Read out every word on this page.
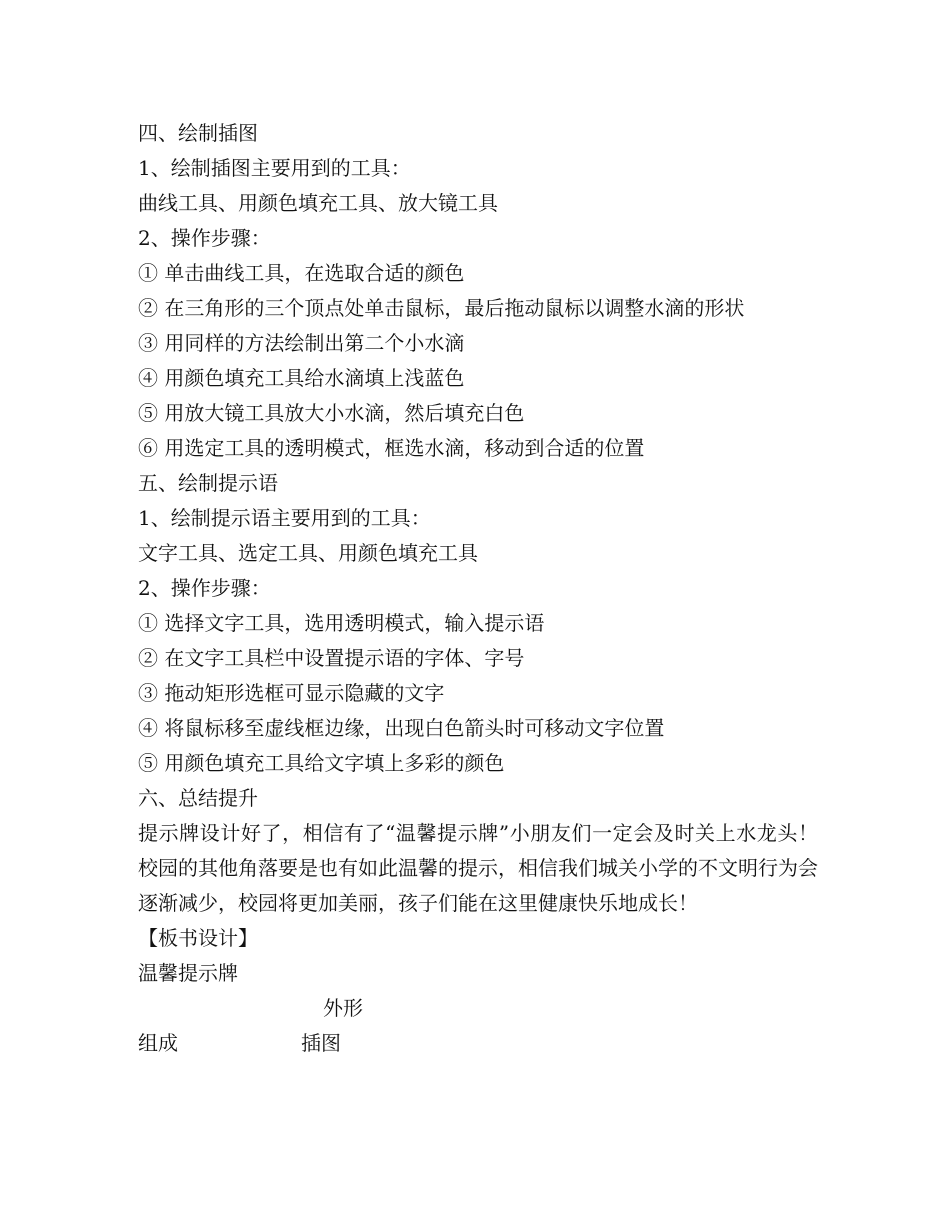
四、绘制插图
1、绘制插图主要用到的工具：
曲线工具、用颜色填充工具、放大镜工具
2、操作步骤：
① 单击曲线工具，在选取合适的颜色
② 在三角形的三个顶点处单击鼠标，最后拖动鼠标以调整水滴的形状
③ 用同样的方法绘制出第二个小水滴
④ 用颜色填充工具给水滴填上浅蓝色
⑤ 用放大镜工具放大小水滴，然后填充白色
⑥ 用选定工具的透明模式，框选水滴，移动到合适的位置
五、绘制提示语
1、绘制提示语主要用到的工具：
文字工具、选定工具、用颜色填充工具
2、操作步骤：
① 选择文字工具，选用透明模式，输入提示语
② 在文字工具栏中设置提示语的字体、字号
③ 拖动矩形选框可显示隐藏的文字
④ 将鼠标移至虚线框边缘，出现白色箭头时可移动文字位置
⑤ 用颜色填充工具给文字填上多彩的颜色
六、总结提升
提示牌设计好了，相信有了“温馨提示牌”小朋友们一定会及时关上水龙头！校园的其他角落要是也有如此温馨的提示，相信我们城关小学的不文明行为会逐渐减少，校园将更加美丽，孩子们能在这里健康快乐地成长！
【板书设计】
温馨提示牌
外形
组成	插图
